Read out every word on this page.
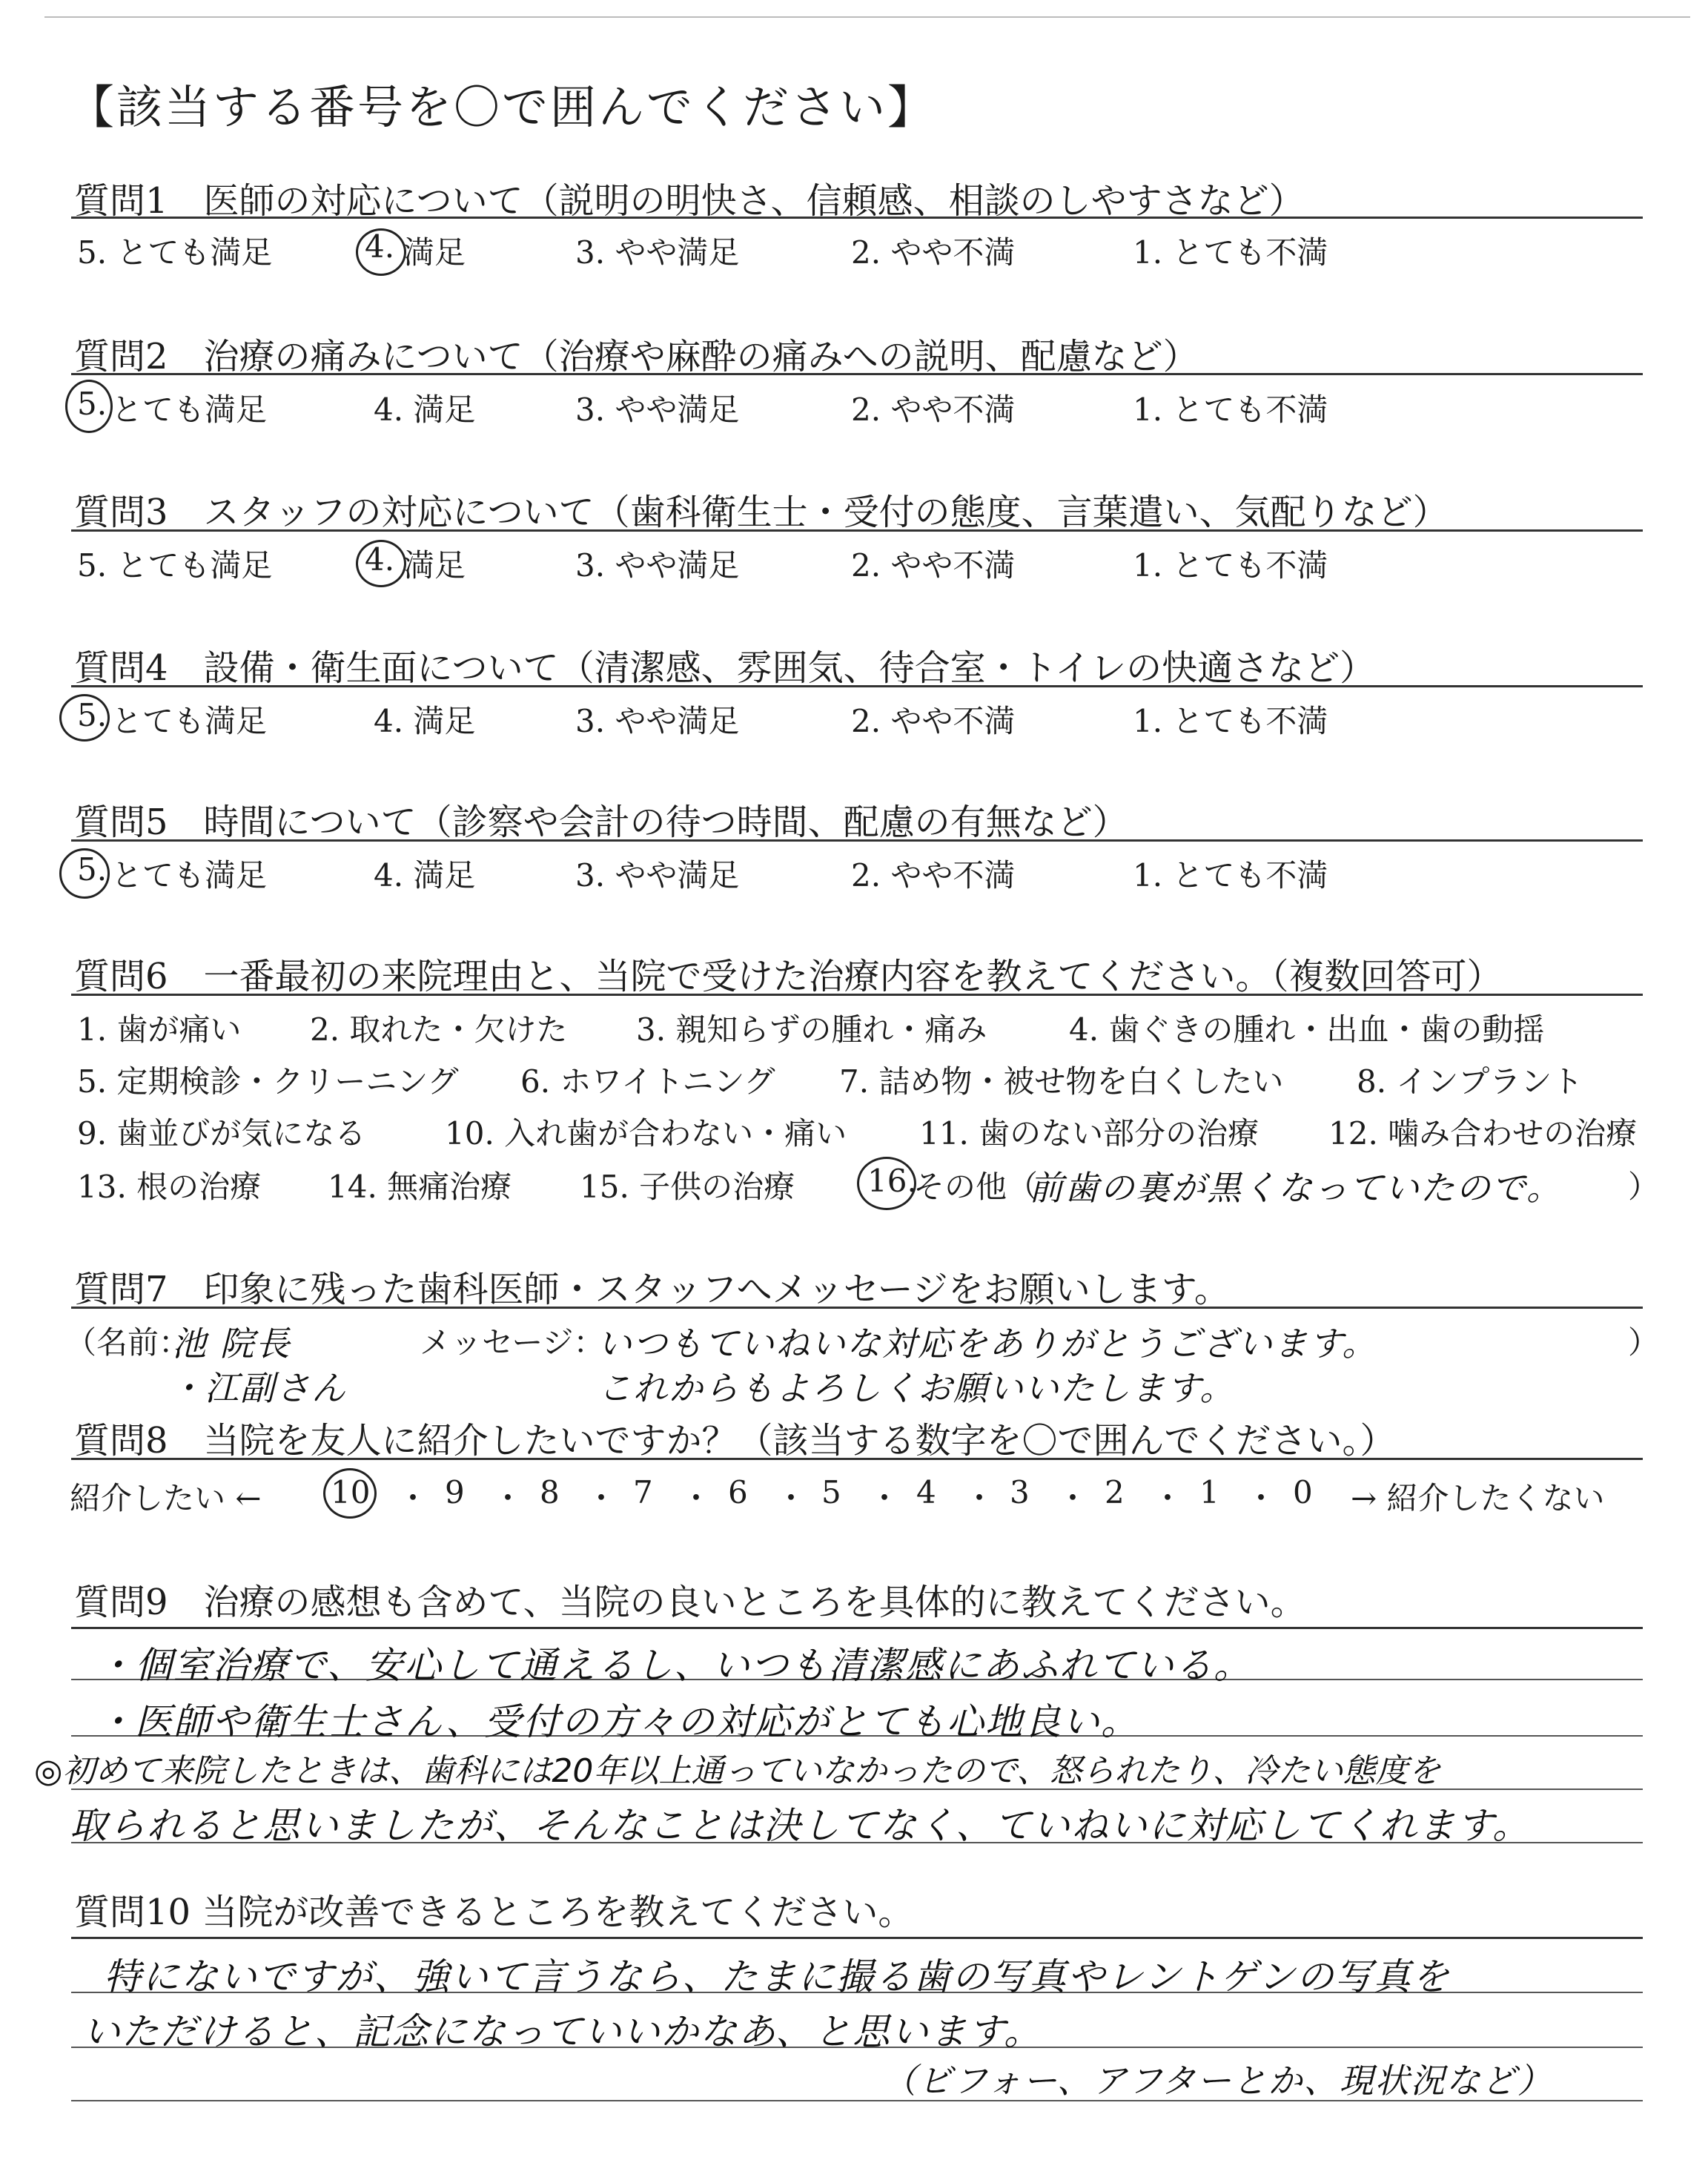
【該当する番号を〇で囲んでください】
質問1　医師の対応について（説明の明快さ、信頼感、相談のしやすさなど）
5. とても満足	4. 満足	3. やや満足	2. やや不満	1. とても不満
質問2　治療の痛みについて（治療や麻酔の痛みへの説明、配慮など）
5. とても満足	4. 満足	3. やや満足	2. やや不満	1. とても不満
質問3　スタッフの対応について（歯科衛生士・受付の態度、言葉遣い、気配りなど）
5. とても満足	4. 満足	3. やや満足	2. やや不満	1. とても不満
質問4　設備・衛生面について（清潔感、雰囲気、待合室・トイレの快適さなど）
5. とても満足	4. 満足	3. やや満足	2. やや不満	1. とても不満
質問5　時間について（診察や会計の待つ時間、配慮の有無など）
5. とても満足	4. 満足	3. やや満足	2. やや不満	1. とても不満
質問6　一番最初の来院理由と、当院で受けた治療内容を教えてください。（複数回答可）
1. 歯が痛い 2. 取れた・欠けた 3. 親知らずの腫れ・痛み	4. 歯ぐきの腫れ・出血・歯の動揺
5. 定期検診・クリーニング 6. ホワイトニング 7. 詰め物・被せ物を白くしたい 8. インプラント
9. 歯並びが気になる	10. 入れ歯が合わない・痛い 11. 歯のない部分の治療 12. 噛み合わせの治療
13. 根の治療 14. 無痛治療 15. 子供の治療 16.
その他（
前歯の裏が黒くなっていたので。 ）
質問7　印象に残った歯科医師・スタッフへメッセージをお願いします。
（名前：
池 院長
・江副さん
メッセージ：
いつもていねいな対応をありがとうございます。
これからもよろしくお願いいたします。
）
質問8　当院を友人に紹介したいですか？（該当する数字を〇で囲んでください。）
紹介したい ← 10 ・ 9 ・ 8 ・ 7 ・ 6 ・ 5 ・ 4 ・ 3 ・ 2 ・ 1 ・ 0 → 紹介したくない
質問9　治療の感想も含めて、当院の良いところを具体的に教えてください。
・個室治療で、安心して通えるし、いつも清潔感にあふれている。
・医師や衛生士さん、受付の方々の対応がとても心地良い。
◎初めて来院したときは、歯科には20年以上通っていなかったので、怒られたり、冷たい態度を
取られると思いましたが、そんなことは決してなく、ていねいに対応してくれます。
質問10 当院が改善できるところを教えてください。
特にないですが、強いて言うなら、たまに撮る歯の写真やレントゲンの写真を
いただけると、記念になっていいかなあ、と思います。
（ビフォー、アフターとか、現状況など）
